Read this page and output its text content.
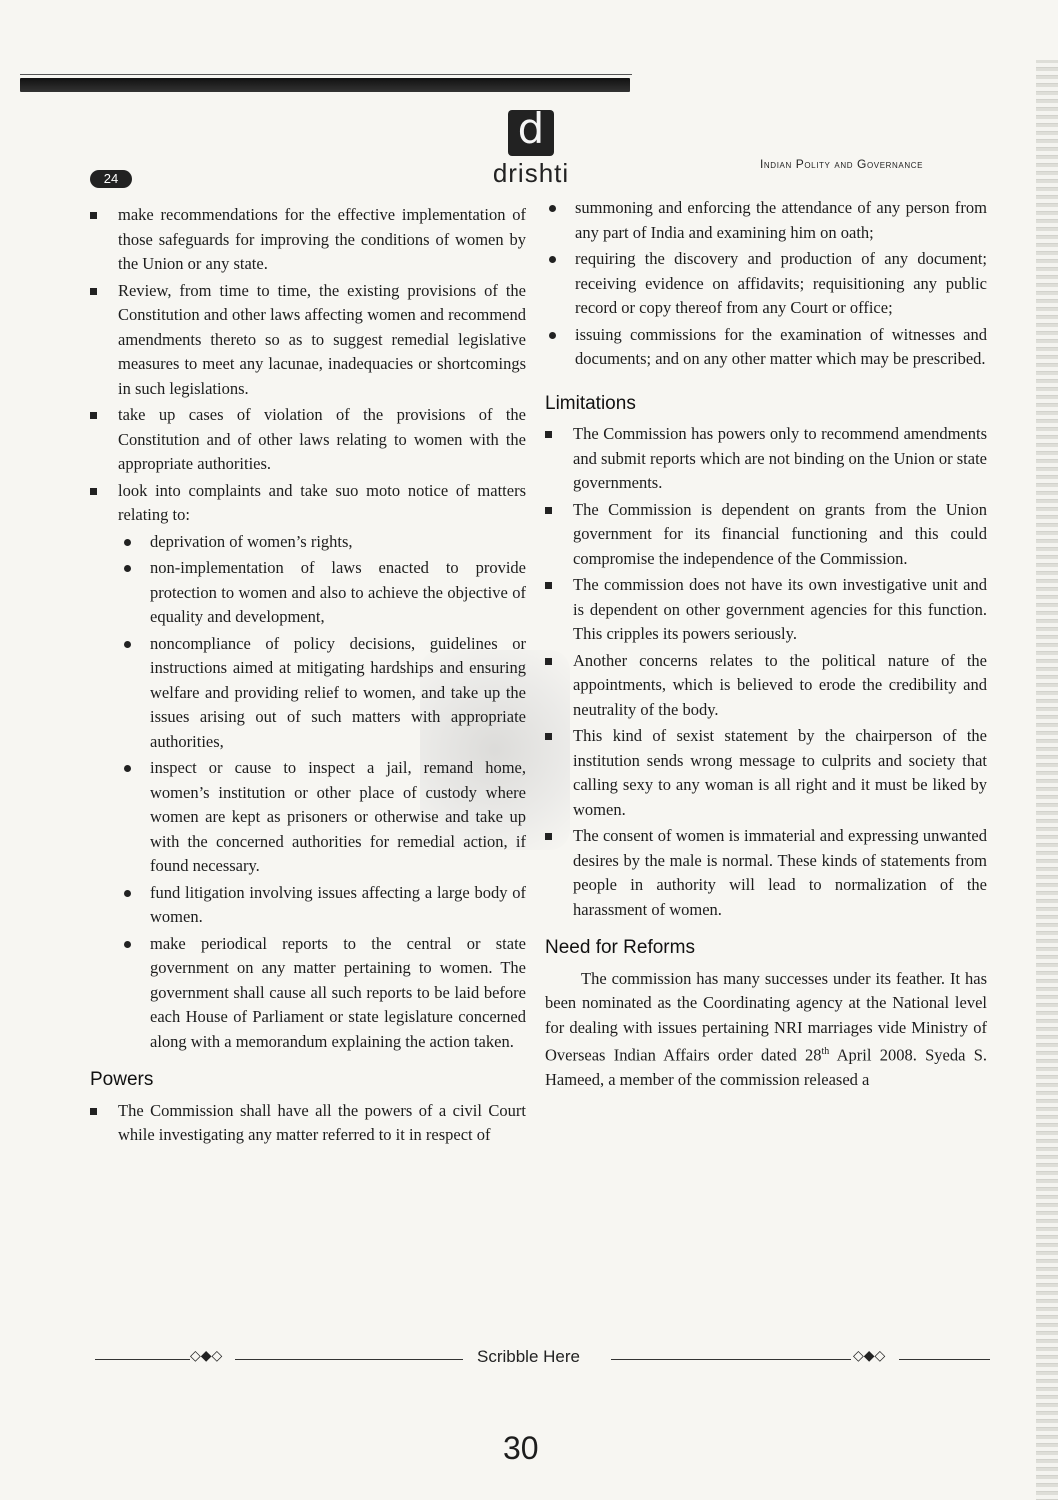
d
drishti
24
Indian Polity and Governance
make recommendations for the effective implementation of those safeguards for improving the conditions of women by the Union or any state.
Review, from time to time, the existing provisions of the Constitution and other laws affecting women and recommend amendments thereto so as to suggest remedial legislative measures to meet any lacunae, inadequacies or shortcomings in such legislations.
take up cases of violation of the provisions of the Constitution and of other laws relating to women with the appropriate authorities.
look into complaints and take suo moto notice of matters relating to:
deprivation of women’s rights,
non-implementation of laws enacted to provide protection to women and also to achieve the objective of equality and development,
noncompliance of policy decisions, guidelines or instructions aimed at mitigating hardships and ensuring welfare and providing relief to women, and take up the issues arising out of such matters with appropriate authorities,
inspect or cause to inspect a jail, remand home, women’s institution or other place of custody where women are kept as prisoners or otherwise and take up with the concerned authorities for remedial action, if found necessary.
fund litigation involving issues affecting a large body of women.
make periodical reports to the central or state government on any matter pertaining to women. The government shall cause all such reports to be laid before each House of Parliament or state legislature concerned along with a memorandum explaining the action taken.
Powers
The Commission shall have all the powers of a civil Court while investigating any matter referred to it in respect of
summoning and enforcing the attendance of any person from any part of India and examining him on oath;
requiring the discovery and production of any document; receiving evidence on affidavits; requisitioning any public record or copy thereof from any Court or office;
issuing commissions for the examination of witnesses and documents; and on any other matter which may be prescribed.
Limitations
The Commission has powers only to recommend amendments and submit reports which are not binding on the Union or state governments.
The Commission is dependent on grants from the Union government for its financial functioning and this could compromise the independence of the Commission.
The commission does not have its own investigative unit and is dependent on other government agencies for this function. This cripples its powers seriously.
Another concerns relates to the political nature of the appointments, which is believed to erode the credibility and neutrality of the body.
This kind of sexist statement by the chairperson of the institution sends wrong message to culprits and society that calling sexy to any woman is all right and it must be liked by women.
The consent of women is immaterial and expressing unwanted desires by the male is normal. These kinds of statements from people in authority will lead to normalization of the harassment of women.
Need for Reforms

The commission has many successes under its feather. It has been nominated as the Coordinating agency at the National level for dealing with issues pertaining NRI marriages vide Ministry of Overseas Indian Affairs order dated 28th April 2008. Syeda S. Hameed, a member of the commission released a

◇◆◇	Scribble Here	◇◆◇
30
